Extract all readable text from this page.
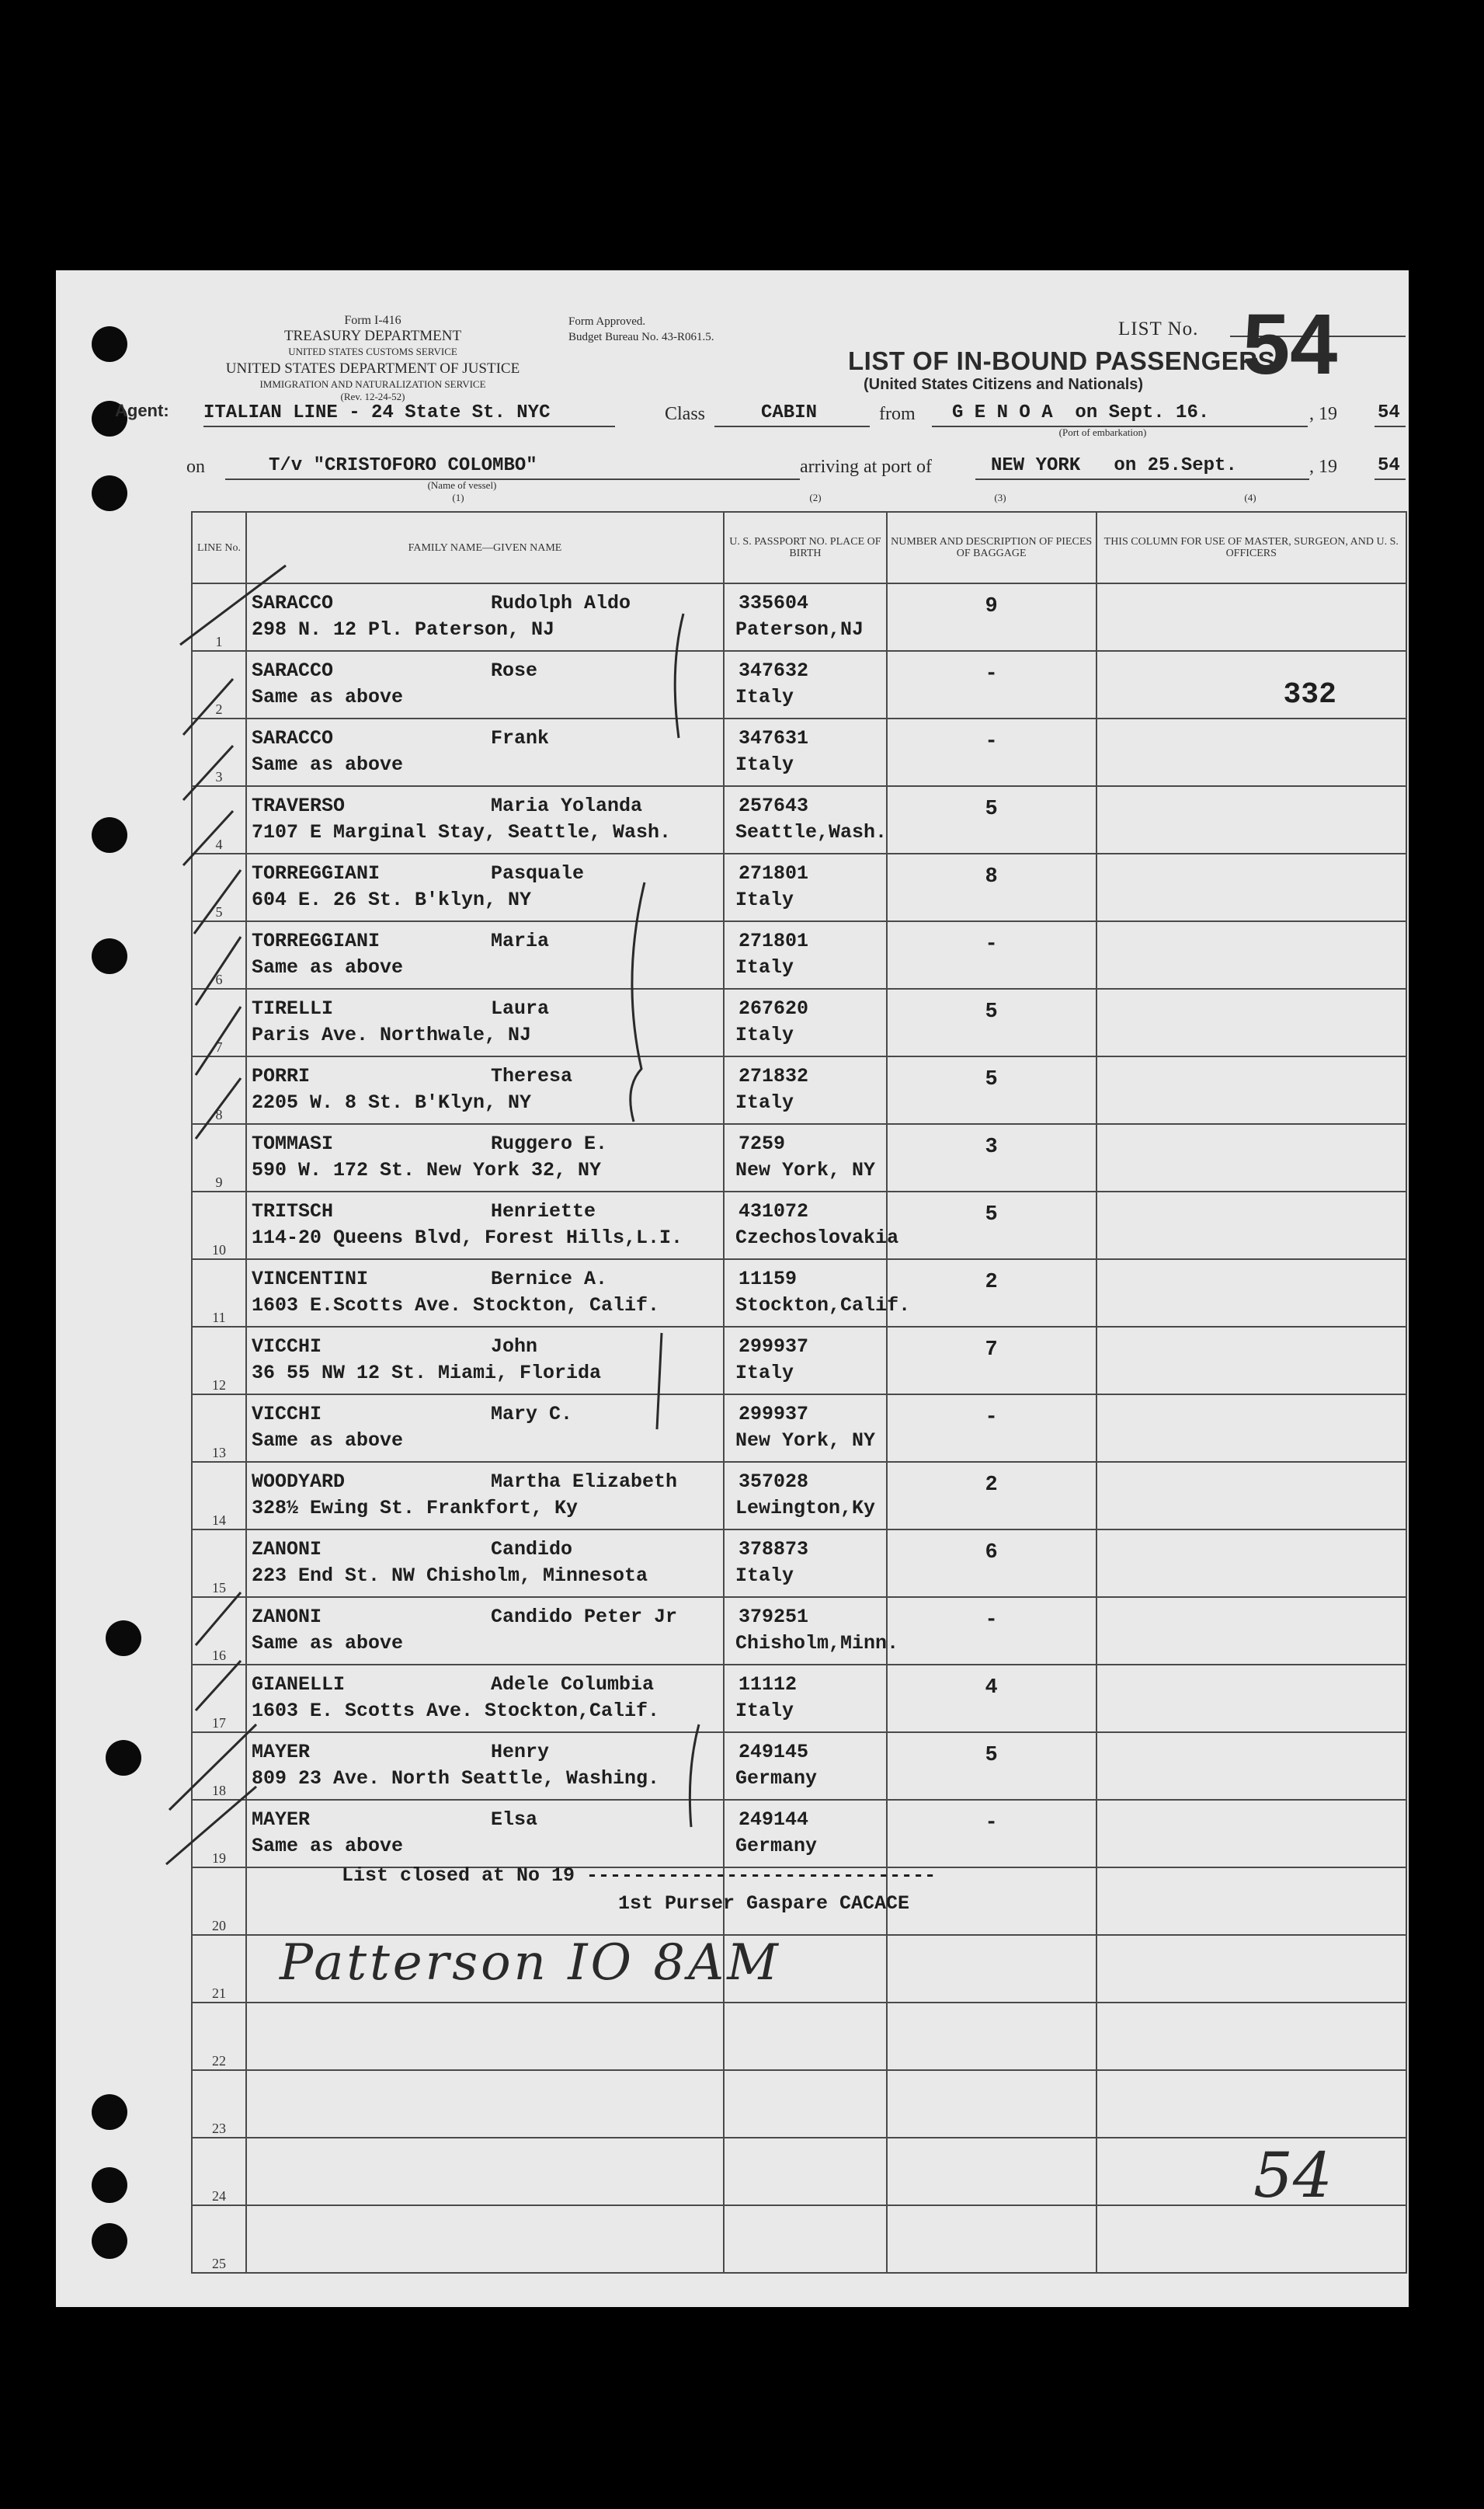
Form I-416
TREASURY DEPARTMENT
UNITED STATES CUSTOMS SERVICE
UNITED STATES DEPARTMENT OF JUSTICE
IMMIGRATION AND NATURALIZATION SERVICE
(Rev. 12-24-52)
Form Approved.
Budget Bureau No. 43-R061.5.
LIST OF IN-BOUND PASSENGERS
(United States Citizens and Nationals)
LIST No. 54
Agent: ITALIAN LINE - 24 State St. NYC	Class	CABIN	from G E N O A  on Sept. 16.
(Port of embarkation)
, 19 54
on	T/v "CRISTOFORO COLOMBO"
(Name of vessel)
(1)
arriving at port of	NEW YORK   on 25.Sept.	, 19 54
(2)	(3)	(4)
LINE No.	FAMILY NAME—GIVEN NAME	U. S. PASSPORT NO. PLACE OF BIRTH	NUMBER AND DESCRIPTION OF PIECES OF BAGGAGE	THIS COLUMN FOR USE OF MASTER, SURGEON, AND U. S. OFFICERS
1	SARACCO Rudolph Aldo
298 N. 12 Pl. Paterson, NJ	335604
Paterson,NJ	9	

2	SARACCO Rose
Same as above	347632
Italy	-	332

3	SARACCO Frank
Same as above	347631
Italy	-	

4	TRAVERSO Maria Yolanda
7107 E Marginal Stay, Seattle, Wash.	257643
Seattle,Wash.	5	

5	TORREGGIANI Pasquale
604 E. 26 St. B'klyn, NY	271801
Italy	8	

6	TORREGGIANI Maria
Same as above	271801
Italy	-	

7	TIRELLI Laura
Paris Ave. Northwale, NJ	267620
Italy	5	

8	PORRI Theresa
2205 W. 8 St. B'Klyn, NY	271832
Italy	5	

9	TOMMASI Ruggero E.
590 W. 172 St. New York 32, NY	7259
New York, NY	3	

10	TRITSCH Henriette
114-20 Queens Blvd, Forest Hills,L.I.	431072
Czechoslovakia	5	

11	VINCENTINI Bernice A.
1603 E.Scotts Ave. Stockton, Calif.	11159
Stockton,Calif.	2	

12	VICCHI John
36 55 NW 12 St. Miami, Florida	299937
Italy	7	

13	VICCHI Mary C.
Same as above	299937
New York, NY	-	

14	WOODYARD Martha Elizabeth
328½ Ewing St. Frankfort, Ky	357028
Lewington,Ky	2	

15	ZANONI Candido
223 End St. NW Chisholm, Minnesota	378873
Italy	6	

16	ZANONI Candido Peter Jr
Same as above	379251
Chisholm,Minn.	-	

17	GIANELLI Adele Columbia
1603 E. Scotts Ave. Stockton,Calif.	11112
Italy	4	

18	MAYER Henry
809 23 Ave. North Seattle, Washing.	249145
Germany	5	

19	MAYER Elsa
Same as above	249144
Germany	-	

20	

21	

22	

23	

24	

25	

List closed at No 19 ------------------------------
1st Purser Gaspare CACACE
Patterson IO 8AM
54
